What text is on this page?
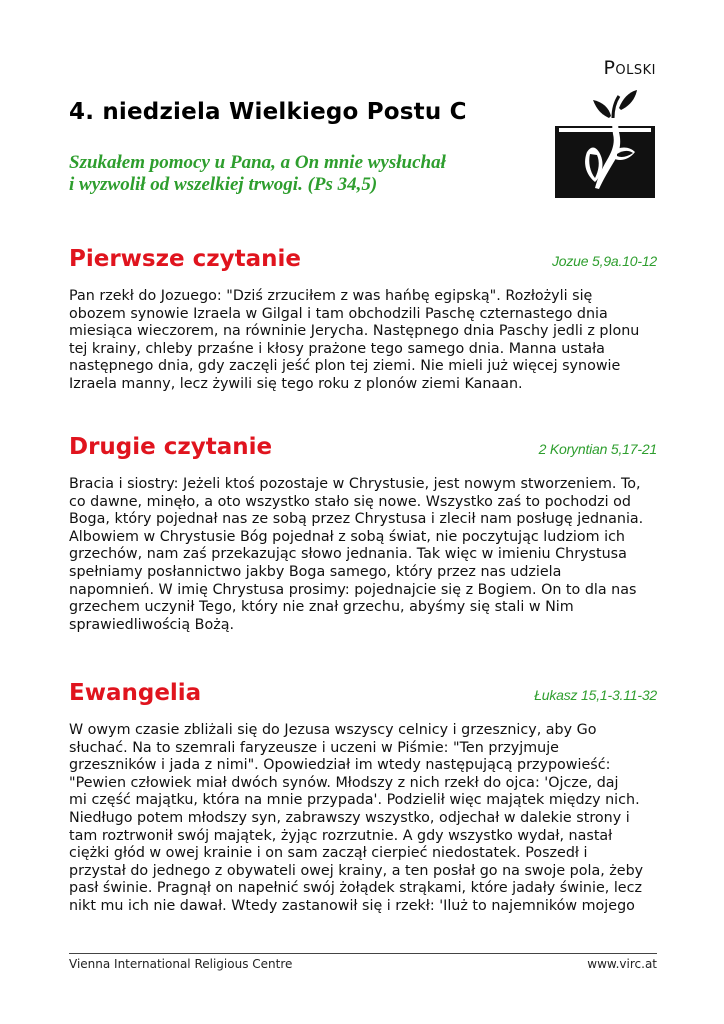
Polski
4. niedziela Wielkiego Postu C

Szukałem pomocy u Pana, a On mnie wysłuchał
i wyzwolił od wszelkiej trwogi. (Ps 34,5)

Pierwsze czytanie	Jozue 5,9a.10-12
Pan rzekł do Jozuego: "Dziś zrzuciłem z was hańbę egipską". Rozłożyli się
obozem synowie Izraela w Gilgal i tam obchodzili Paschę czternastego dnia
miesiąca wieczorem, na równinie Jerycha. Następnego dnia Paschy jedli z plonu
tej krainy, chleby przaśne i kłosy prażone tego samego dnia. Manna ustała
następnego dnia, gdy zaczęli jeść plon tej ziemi. Nie mieli już więcej synowie
Izraela manny, lecz żywili się tego roku z plonów ziemi Kanaan.
Drugie czytanie	2 Koryntian 5,17-21
Bracia i siostry: Jeżeli ktoś pozostaje w Chrystusie, jest nowym stworzeniem. To,
co dawne, minęło, a oto wszystko stało się nowe. Wszystko zaś to pochodzi od
Boga, który pojednał nas ze sobą przez Chrystusa i zlecił nam posługę jednania.
Albowiem w Chrystusie Bóg pojednał z sobą świat, nie poczytując ludziom ich
grzechów, nam zaś przekazując słowo jednania. Tak więc w imieniu Chrystusa
spełniamy posłannictwo jakby Boga samego, który przez nas udziela
napomnień. W imię Chrystusa prosimy: pojednajcie się z Bogiem. On to dla nas
grzechem uczynił Tego, który nie znał grzechu, abyśmy się stali w Nim
sprawiedliwością Bożą.
Ewangelia	Łukasz 15,1-3.11-32
W owym czasie zbliżali się do Jezusa wszyscy celnicy i grzesznicy, aby Go
słuchać. Na to szemrali faryzeusze i uczeni w Piśmie: "Ten przyjmuje
grzeszników i jada z nimi". Opowiedział im wtedy następującą przypowieść:
"Pewien człowiek miał dwóch synów. Młodszy z nich rzekł do ojca: 'Ojcze, daj
mi część majątku, która na mnie przypada'. Podzielił więc majątek między nich.
Niedługo potem młodszy syn, zabrawszy wszystko, odjechał w dalekie strony i
tam roztrwonił swój majątek, żyjąc rozrzutnie. A gdy wszystko wydał, nastał
ciężki głód w owej krainie i on sam zaczął cierpieć niedostatek. Poszedł i
przystał do jednego z obywateli owej krainy, a ten posłał go na swoje pola, żeby
pasł świnie. Pragnął on napełnić swój żołądek strąkami, które jadały świnie, lecz
nikt mu ich nie dawał. Wtedy zastanowił się i rzekł: 'Iluż to najemników mojego
Vienna International Religious Centre	www.virc.at
